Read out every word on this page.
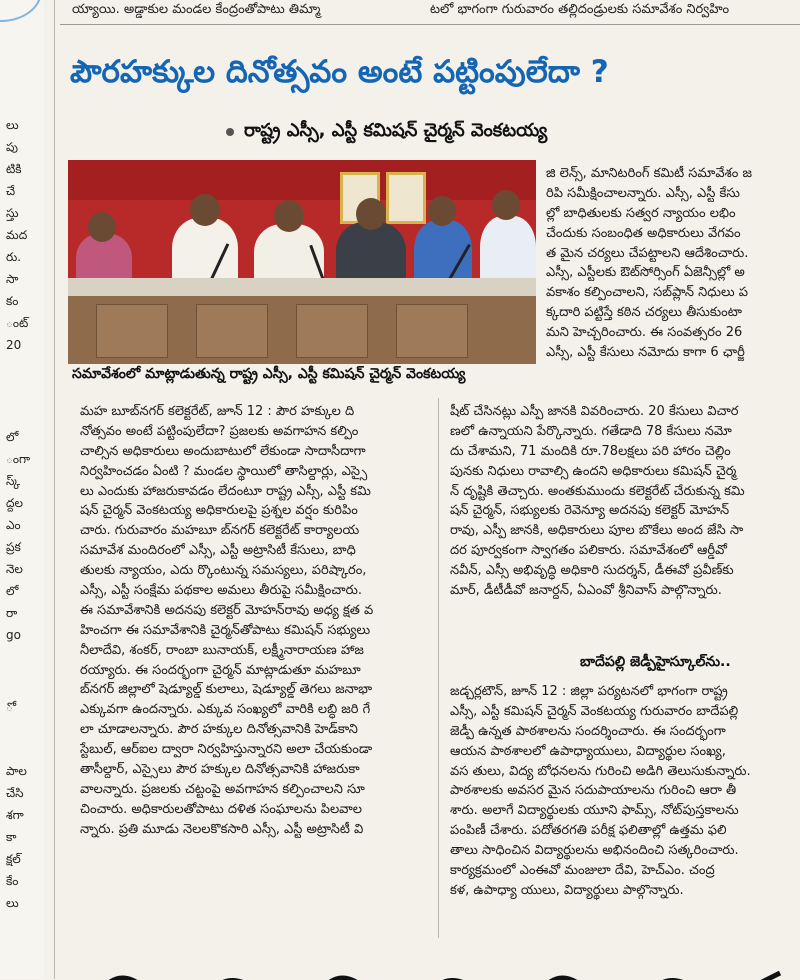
లు
పు
టికి
చే
స్తు
మద
రు.
సా
కం
ంట్
20
లో
ంగా
స్క్
ద్దల
ఎం
ప్రక
నెల
లో
రా
go
ో
పాల
చేసి
శగా
కా
క్షల్
కేం
లు
య్యాయి. అడ్డాకుల మండల కేంద్రంతోపాటు తిమ్మా	టలో భాగంగా గురువారం తల్లిదండ్రులకు సమావేశం నిర్వహిం
పౌరహక్కుల దినోత్సవం అంటే పట్టింపులేదా ?
రాష్ట్ర ఎస్సీ, ఎస్టీ కమిషన్ చైర్మన్ వెంకటయ్య
సమావేశంలో మాట్లాడుతున్న రాష్ట్ర ఎస్సీ, ఎస్టీ కమిషన్ చైర్మన్ వెంకటయ్య
జి లెన్స్, మానిటరింగ్ కమిటీ సమావేశం జ
రిపి సమీక్షించాలన్నారు. ఎస్సీ, ఎస్టీ కేసు
ల్లో బాధితులకు సత్వర న్యాయం లభిం
చేందుకు సంబంధిత అధికారులు వేగవం
త మైన చర్యలు చేపట్టాలని ఆదేశించారు.
ఎస్సీ, ఎస్టీలకు ఔట్‌సోర్సింగ్ ఏజెన్సీల్లో అ
వకాశం కల్పించాలని, సబ్‌ప్లాన్ నిధులు ప
క్కదారి పట్టిస్తే కఠిన చర్యలు తీసుకుంటా
మని హెచ్చరించారు. ఈ సంవత్సరం 26
ఎస్సీ, ఎస్టీ కేసులు నమోదు కాగా 6 ఛార్జీ
మహ బూబ్‌నగర్ కలెక్టరేట్, జూన్ 12 : పౌర హక్కుల ది
నోత్సవం అంటే పట్టింపులేదా? ప్రజలకు అవగాహన కల్పిం
చాల్సిన అధికారులు అందుబాటులో లేకుండా సాదాసీదాగా
నిర్వహించడం ఏంటి ? మండల స్థాయిలో తాసిల్దార్లు, ఎస్సై
లు ఎందుకు హాజరుకావడం లేదంటూ రాష్ట్ర ఎస్సీ, ఎస్టీ కమి
షన్ చైర్మన్ వెంకటయ్య అధికారులపై ప్రశ్నల వర్షం కురిపిం
చారు. గురువారం మహబూ బ్‌నగర్ కలెక్టరేట్ కార్యాలయ
సమావేశ మందిరంలో ఎస్సీ, ఎస్టీ అట్రాసిటీ కేసులు, బాధి
తులకు న్యాయం, ఎదు ర్కొంటున్న సమస్యలు, పరిష్కారం,
ఎస్సీ, ఎస్టీ సంక్షేమ పథకాల అమలు తీరుపై సమీక్షించారు.
ఈ సమావేశానికి అదనపు కలెక్టర్ మోహన్‌రావు అధ్య క్షత వ
హించగా ఈ సమావేశానికి చైర్మన్‌తోపాటు కమిషన్ సభ్యులు
నీలాదేవి, శంకర్, రాంబా బునాయక్, లక్ష్మీనారాయణ హాజ
రయ్యారు. ఈ సందర్భంగా చైర్మన్ మాట్లాడుతూ మహబూ
బ్‌నగర్ జిల్లాలో షెడ్యూల్డ్ కులాలు, షెడ్యూల్డ్ తెగలు జనాభా
ఎక్కువగా ఉందన్నారు. ఎక్కువ సంఖ్యలో వారికి లబ్ధి జరి గే
లా చూడాలన్నారు. పౌర హక్కుల దినోత్సవానికి హెడ్‌కాని
స్టేబుల్, ఆర్‌ఐల ద్వారా నిర్వహిస్తున్నారని అలా చేయకుండా
తాసీల్దార్, ఎస్సైలు పౌర హక్కుల దినోత్సవానికి హాజరుకా
వాలన్నారు. ప్రజలకు చట్టంపై అవగాహన కల్పించాలని సూ
చించారు. అధికారులతోపాటు దళిత సంఘాలను పిలవాల
న్నారు. ప్రతి మూడు నెలలకొకసారి ఎస్సీ, ఎస్టీ అట్రాసిటీ వి
షీట్ చేసినట్లు ఎస్పీ జానకి వివరించారు. 20 కేసులు విచార
ణలో ఉన్నాయని పేర్కొన్నారు. గతేడాది 78 కేసులు నమో
దు చేశామని, 71 మందికి రూ.78లక్షలు పరి హారం చెల్లిం
పునకు నిధులు రావాల్సి ఉందని అధికారులు కమిషన్ చైర్మ
న్ దృష్టికి తెచ్చారు. అంతకుముందు కలెక్టరేట్ చేరుకున్న కమి
షన్ చైర్మన్, సభ్యులకు రెవెన్యూ అదనపు కలెక్టర్ మోహన్
రావు, ఎస్పీ జానకి, అధికారులు పూల బొకేలు అంద జేసి సా
దర పూర్వకంగా స్వాగతం పలికారు. సమావేశంలో ఆర్డీవో
నవీన్, ఎస్సీ అభివృద్ధి అధికారి సుదర్శన్, డీఈవో ప్రవీణ్‌కు
మార్, డీటీడీవో జనార్దన్, ఏఎంవో శ్రీనివాస్ పాల్గొన్నారు.
బాదేపల్లి జెడ్పీహైస్కూల్‌ను..
జడ్చర్లటౌన్, జూన్ 12 : జిల్లా పర్యటనలో భాగంగా రాష్ట్ర
ఎస్సీ, ఎస్టీ కమిషన్ చైర్మన్ వెంకటయ్య గురువారం బాదేపల్లి
జెడ్పీ ఉన్నత పాఠశాలను సందర్శించారు. ఈ సందర్భంగా
ఆయన పాఠశాలలో ఉపాధ్యాయులు, విద్యార్థుల సంఖ్య,
వస తులు, విద్య బోధనలను గురించి అడిగి తెలుసుకున్నారు.
పాఠశాలకు అవసర మైన సదుపాయాలను గురించి ఆరా తీ
శారు. అలాగే విద్యార్థులకు యూని ఫామ్స్, నోట్‌పుస్తకాలను
పంపిణీ చేశారు. పదోతరగతి పరీక్ష ఫలితాల్లో ఉత్తమ ఫలి
తాలు సాధించిన విద్యార్థులను అభినందించి సత్కరించారు.
కార్యక్రమంలో ఎంఈవో మంజులా దేవి, హెచ్‌ఎం. చంద్ర
కళ, ఉపాధ్యా యులు, విద్యార్థులు పాల్గొన్నారు.
